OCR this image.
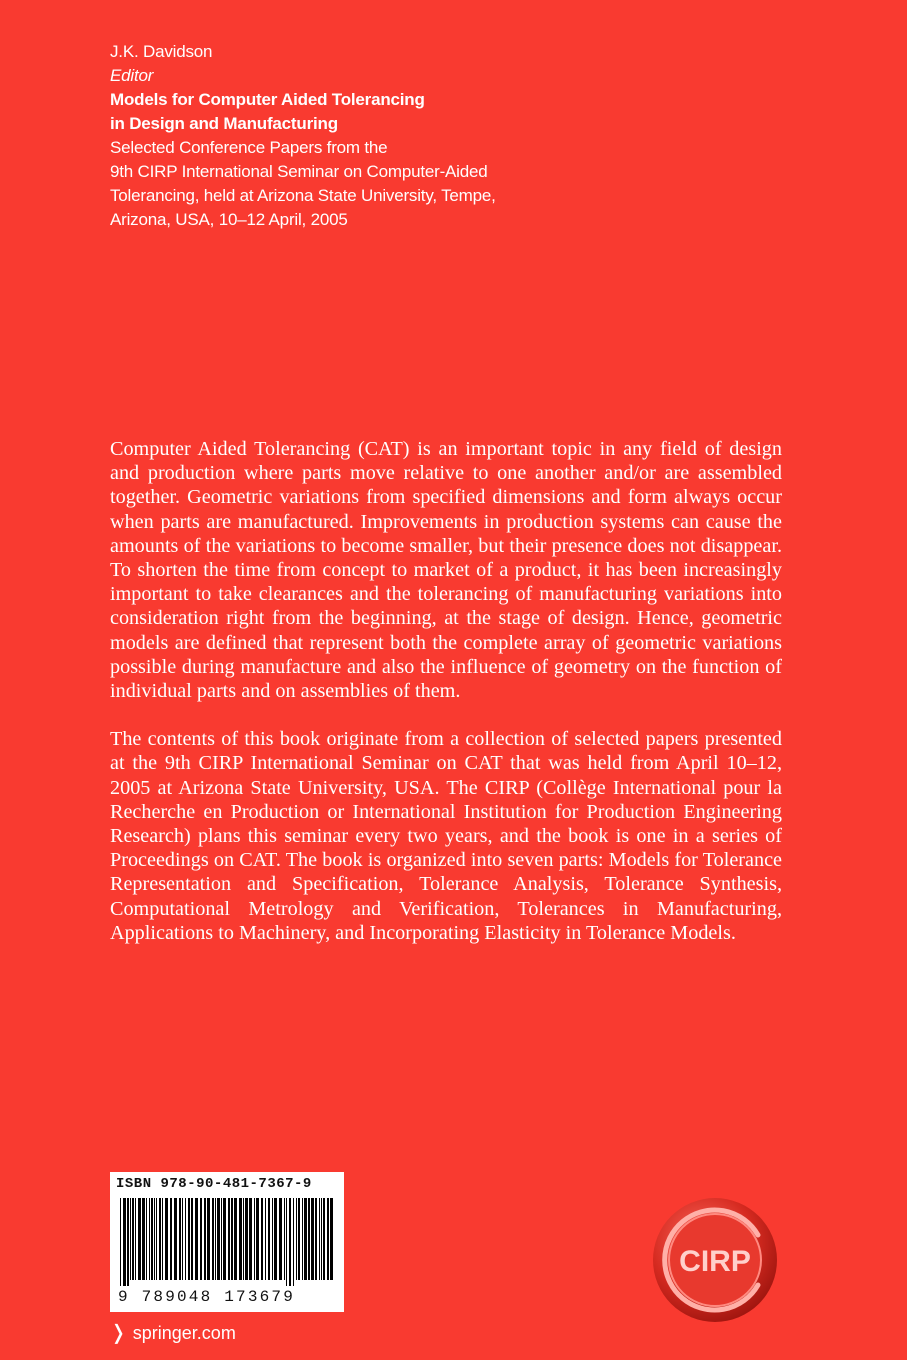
J.K. Davidson
Editor
Models for Computer Aided Tolerancing
in Design and Manufacturing
Selected Conference Papers from the
9th CIRP International Seminar on Computer-Aided
Tolerancing, held at Arizona State University, Tempe,
Arizona, USA, 10–12 April, 2005

Computer Aided Tolerancing (CAT) is an important topic in any field of design and production where parts move relative to one another and/or are assembled together. Geometric variations from specified dimensions and form always occur when parts are manufactured. Improvements in production systems can cause the amounts of the variations to become smaller, but their presence does not disappear. To shorten the time from concept to market of a product, it has been increasingly important to take clearances and the tolerancing of manufacturing variations into consideration right from the beginning, at the stage of design. Hence, geometric models are defined that represent both the complete array of geometric variations possible during manufacture and also the influence of geometry on the function of individual parts and on assemblies of them.

The contents of this book originate from a collection of selected papers presented at the 9th CIRP International Seminar on CAT that was held from April 10–12, 2005 at Arizona State University, USA. The CIRP (Collège International pour la Recherche en Production or International Institution for Production Engineering Research) plans this seminar every two years, and the book is one in a series of Proceedings on CAT. The book is organized into seven parts: Models for Tolerance Representation and Specification, Tolerance Analysis, Tolerance Synthesis, Computational Metrology and Verification, Tolerances in Manufacturing, Applications to Machinery, and Incorporating Elasticity in Tolerance Models.

ISBN 978-90-481-7367-9
9 789048 173679
❭ springer.com
CIRP
